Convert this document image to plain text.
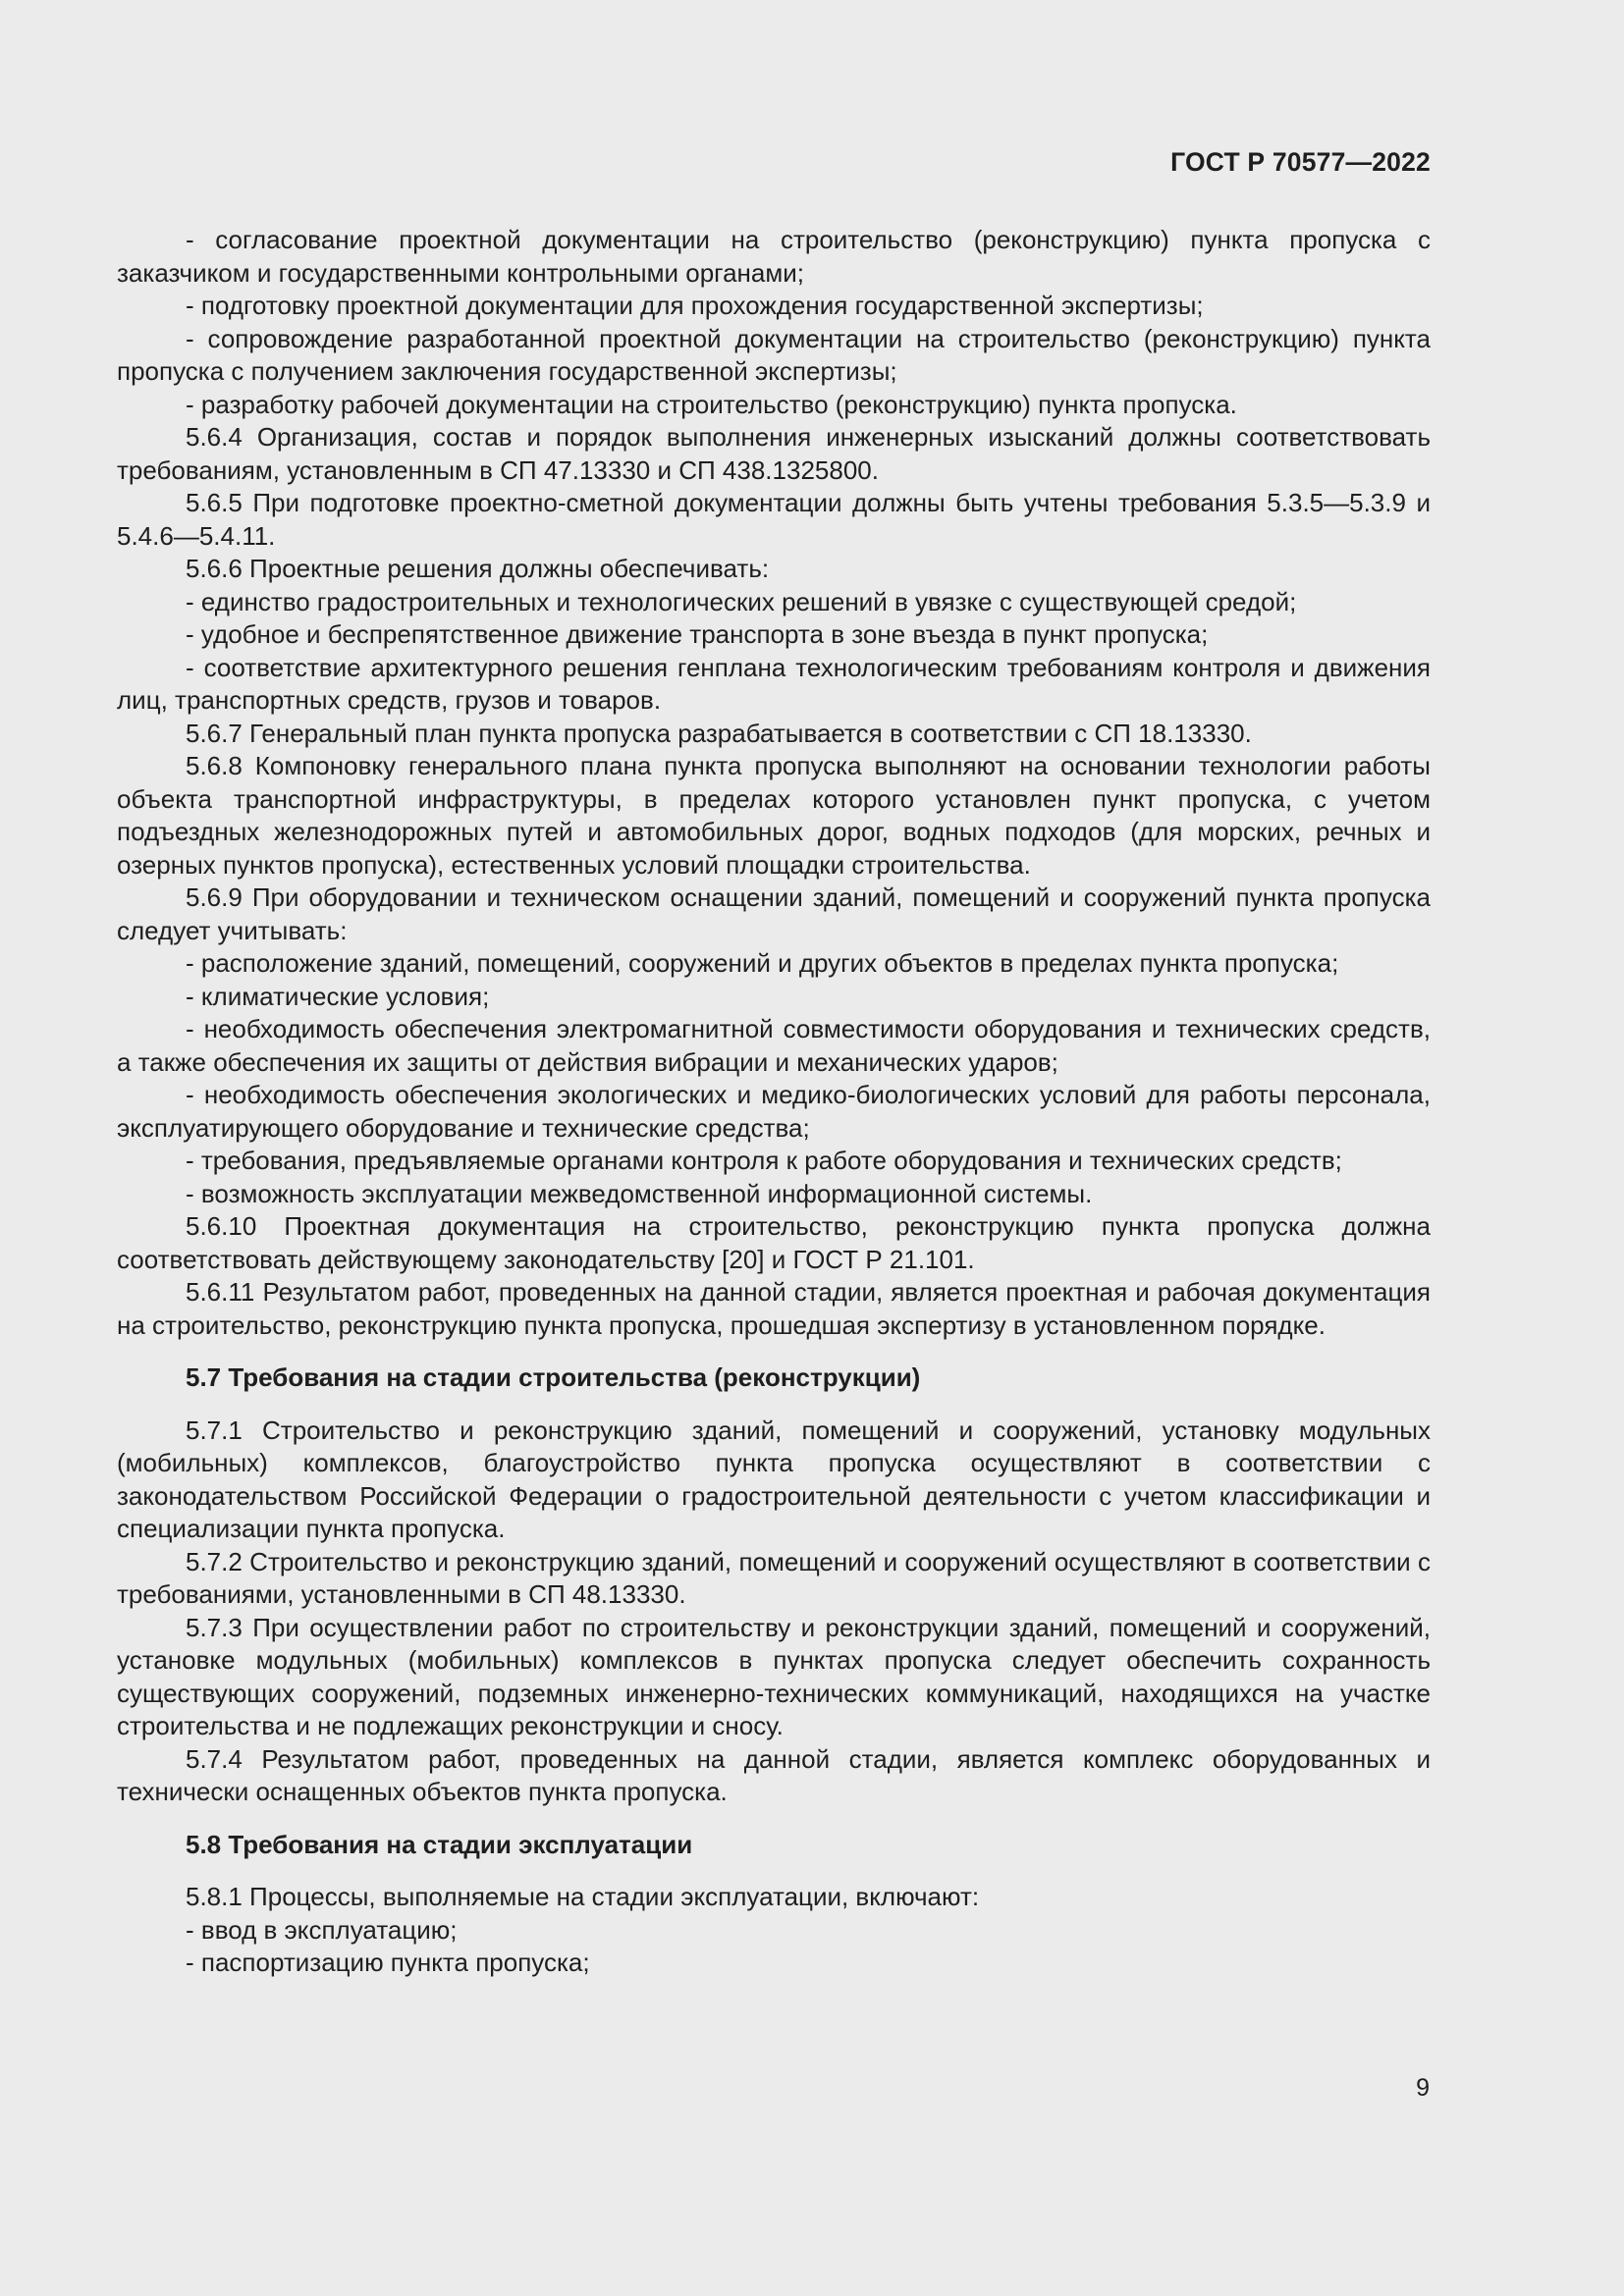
ГОСТ Р 70577—2022

- согласование проектной документации на строительство (реконструкцию) пункта пропуска с заказчиком и государственными контрольными органами;

- подготовку проектной документации для прохождения государственной экспертизы;

- сопровождение разработанной проектной документации на строительство (реконструкцию) пункта пропуска с получением заключения государственной экспертизы;

- разработку рабочей документации на строительство (реконструкцию) пункта пропуска.

5.6.4 Организация, состав и порядок выполнения инженерных изысканий должны соответствовать требованиям, установленным в СП 47.13330 и СП 438.1325800.

5.6.5 При подготовке проектно-сметной документации должны быть учтены требования 5.3.5—5.3.9 и 5.4.6—5.4.11.

5.6.6 Проектные решения должны обеспечивать:

- единство градостроительных и технологических решений в увязке с существующей средой;

- удобное и беспрепятственное движение транспорта в зоне въезда в пункт пропуска;

- соответствие архитектурного решения генплана технологическим требованиям контроля и движения лиц, транспортных средств, грузов и товаров.

5.6.7 Генеральный план пункта пропуска разрабатывается в соответствии с СП 18.13330.

5.6.8 Компоновку генерального плана пункта пропуска выполняют на основании технологии работы объекта транспортной инфраструктуры, в пределах которого установлен пункт пропуска, с учетом подъездных железнодорожных путей и автомобильных дорог, водных подходов (для морских, речных и озерных пунктов пропуска), естественных условий площадки строительства.

5.6.9 При оборудовании и техническом оснащении зданий, помещений и сооружений пункта пропуска следует учитывать:

- расположение зданий, помещений, сооружений и других объектов в пределах пункта пропуска;

- климатические условия;

- необходимость обеспечения электромагнитной совместимости оборудования и технических средств, а также обеспечения их защиты от действия вибрации и механических ударов;

- необходимость обеспечения экологических и медико-биологических условий для работы персонала, эксплуатирующего оборудование и технические средства;

- требования, предъявляемые органами контроля к работе оборудования и технических средств;

- возможность эксплуатации межведомственной информационной системы.

5.6.10 Проектная документация на строительство, реконструкцию пункта пропуска должна соответствовать действующему законодательству [20] и ГОСТ Р 21.101.

5.6.11 Результатом работ, проведенных на данной стадии, является проектная и рабочая документация на строительство, реконструкцию пункта пропуска, прошедшая экспертизу в установленном порядке.

5.7 Требования на стадии строительства (реконструкции)

5.7.1 Строительство и реконструкцию зданий, помещений и сооружений, установку модульных (мобильных) комплексов, благоустройство пункта пропуска осуществляют в соответствии с законодательством Российской Федерации о градостроительной деятельности с учетом классификации и специализации пункта пропуска.

5.7.2 Строительство и реконструкцию зданий, помещений и сооружений осуществляют в соответствии с требованиями, установленными в СП 48.13330.

5.7.3 При осуществлении работ по строительству и реконструкции зданий, помещений и сооружений, установке модульных (мобильных) комплексов в пунктах пропуска следует обеспечить сохранность существующих сооружений, подземных инженерно-технических коммуникаций, находящихся на участке строительства и не подлежащих реконструкции и сносу.

5.7.4 Результатом работ, проведенных на данной стадии, является комплекс оборудованных и технически оснащенных объектов пункта пропуска.

5.8 Требования на стадии эксплуатации

5.8.1 Процессы, выполняемые на стадии эксплуатации, включают:

- ввод в эксплуатацию;

- паспортизацию пункта пропуска;

9
